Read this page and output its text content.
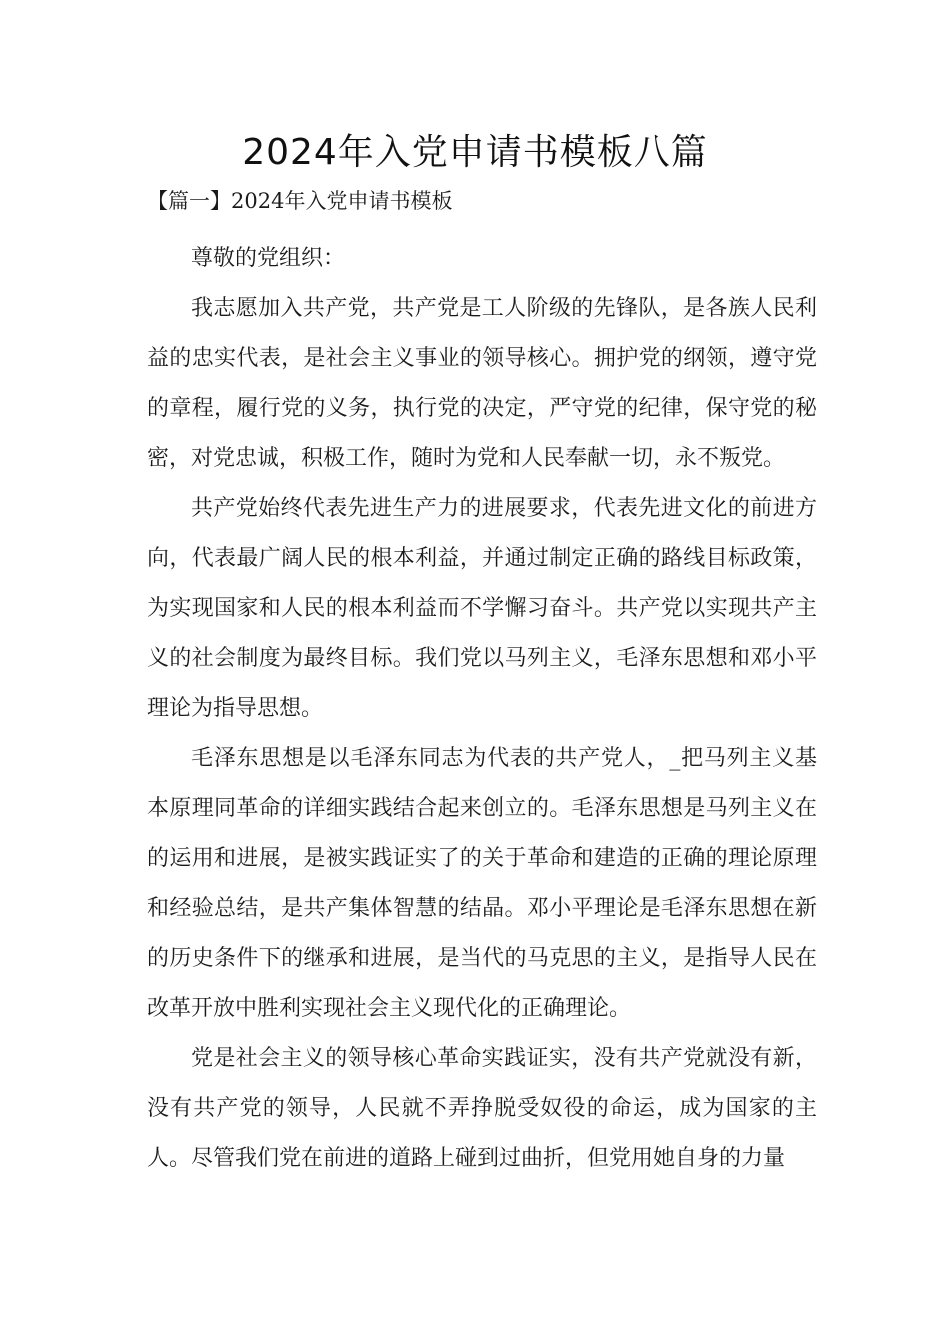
2024年入党申请书模板八篇
【篇一】2024年入党申请书模板

尊敬的党组织：

我志愿加入共产党，共产党是工人阶级的先锋队，是各族人民利益的忠实代表，是社会主义事业的领导核心。拥护党的纲领，遵守党的章程，履行党的义务，执行党的决定，严守党的纪律，保守党的秘密，对党忠诚，积极工作，随时为党和人民奉献一切，永不叛党。

共产党始终代表先进生产力的进展要求，代表先进文化的前进方向，代表最广阔人民的根本利益，并通过制定正确的路线目标政策，为实现国家和人民的根本利益而不学懈习奋斗。共产党以实现共产主义的社会制度为最终目标。我们党以马列主义，毛泽东思想和邓小平理论为指导思想。

毛泽东思想是以毛泽东同志为代表的共产党人，_把马列主义基本原理同革命的详细实践结合起来创立的。毛泽东思想是马列主义在的运用和进展，是被实践证实了的关于革命和建造的正确的理论原理和经验总结，是共产集体智慧的结晶。邓小平理论是毛泽东思想在新的历史条件下的继承和进展，是当代的马克思的主义，是指导人民在改革开放中胜利实现社会主义现代化的正确理论。

党是社会主义的领导核心革命实践证实，没有共产党就没有新，没有共产党的领导，人民就不弄挣脱受奴役的命运，成为国家的主人。尽管我们党在前进的道路上碰到过曲折，但党用她自身的力量
